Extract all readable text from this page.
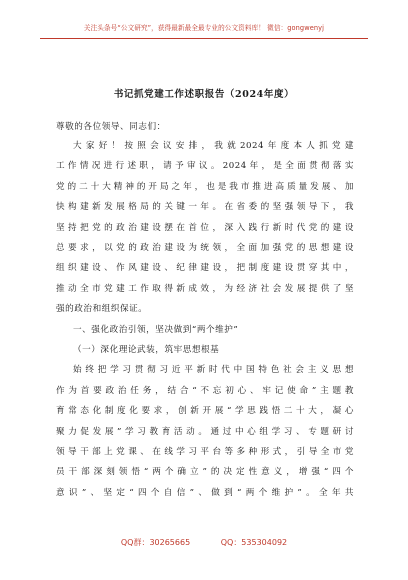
关注头条号“公文研究”，获得最新最全最专业的公文资料库！ 微信：gongwenyj
书记抓党建工作述职报告（2024年度）
尊敬的各位领导、同志们：
大家好！按照会议安排，我就2024年度本人抓党建
工作情况进行述职，请予审议。2024年，是全面贯彻落实
党的二十大精神的开局之年，也是我市推进高质量发展、加
快构建新发展格局的关键一年。在省委的坚强领导下，我
坚持把党的政治建设摆在首位，深入践行新时代党的建设
总要求，以党的政治建设为统领，全面加强党的思想建设
组织建设、作风建设、纪律建设，把制度建设贯穿其中，
推动全市党建工作取得新成效，为经济社会发展提供了坚
强的政治和组织保证。
一、强化政治引领，坚决做到“两个维护”
（一）深化理论武装，筑牢思想根基
始终把学习贯彻习近平新时代中国特色社会主义思想
作为首要政治任务，结合“不忘初心、牢记使命”主题教
育常态化制度化要求，创新开展“学思践悟二十大，凝心
聚力促发展”学习教育活动。通过中心组学习、专题研讨
领导干部上党课、在线学习平台等多种形式，引导全市党
员干部深刻领悟“两个确立”的决定性意义，增强“四个
意识”、坚定“四个自信”、做到“两个维护”。全年共
QQ群：30265665	QQ：535304092
